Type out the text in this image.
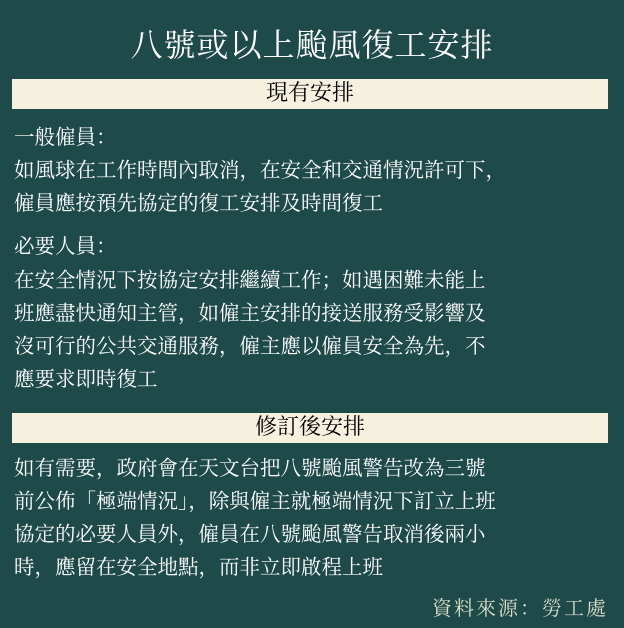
八號或以上颱風復工安排
現有安排
一般僱員：
如風球在工作時間內取消，在安全和交通情況許可下，
僱員應按預先協定的復工安排及時間復工
必要人員：
在安全情況下按協定安排繼續工作；如遇困難未能上
班應盡快通知主管，如僱主安排的接送服務受影響及
沒可行的公共交通服務，僱主應以僱員安全為先，不
應要求即時復工
修訂後安排
如有需要，政府會在天文台把八號颱風警告改為三號
前公佈「極端情況」，除與僱主就極端情況下訂立上班
協定的必要人員外，僱員在八號颱風警告取消後兩小
時，應留在安全地點，而非立即啟程上班
資料來源：勞工處
